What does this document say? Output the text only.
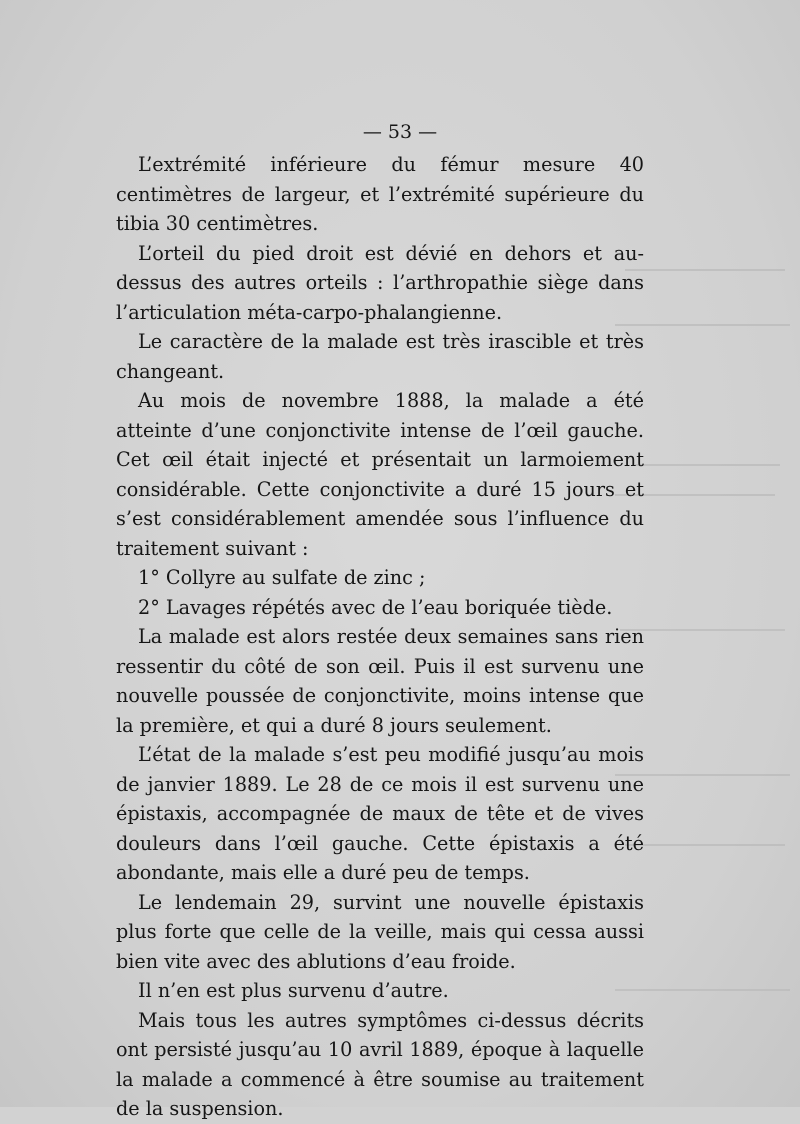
— 53 —

L’extrémité inférieure du fémur mesure 40 centimètres de largeur, et l’extrémité supérieure du tibia 30 centimètres.

L’orteil du pied droit est dévié en dehors et au-dessus des autres orteils : l’arthropathie siège dans l’articulation méta-carpo-phalangienne.

Le caractère de la malade est très irascible et très changeant.

Au mois de novembre 1888, la malade a été atteinte d’une conjonctivite intense de l’œil gauche. Cet œil était injecté et présentait un larmoiement considérable. Cette conjonctivite a duré 15 jours et s’est considérablement amendée sous l’influence du traitement suivant :

1° Collyre au sulfate de zinc ;

2° Lavages répétés avec de l’eau boriquée tiède.

La malade est alors restée deux semaines sans rien ressentir du côté de son œil. Puis il est survenu une nouvelle poussée de conjonctivite, moins intense que la première, et qui a duré 8 jours seulement.

L’état de la malade s’est peu modifié jusqu’au mois de janvier 1889. Le 28 de ce mois il est survenu une épistaxis, accompagnée de maux de tête et de vives douleurs dans l’œil gauche. Cette épistaxis a été abondante, mais elle a duré peu de temps.

Le lendemain 29, survint une nouvelle épistaxis plus forte que celle de la veille, mais qui cessa aussi bien vite avec des ablutions d’eau froide.

Il n’en est plus survenu d’autre.

Mais tous les autres symptômes ci-dessus décrits ont persisté jusqu’au 10 avril 1889, époque à laquelle la malade a commencé à être soumise au traitement de la suspension.
